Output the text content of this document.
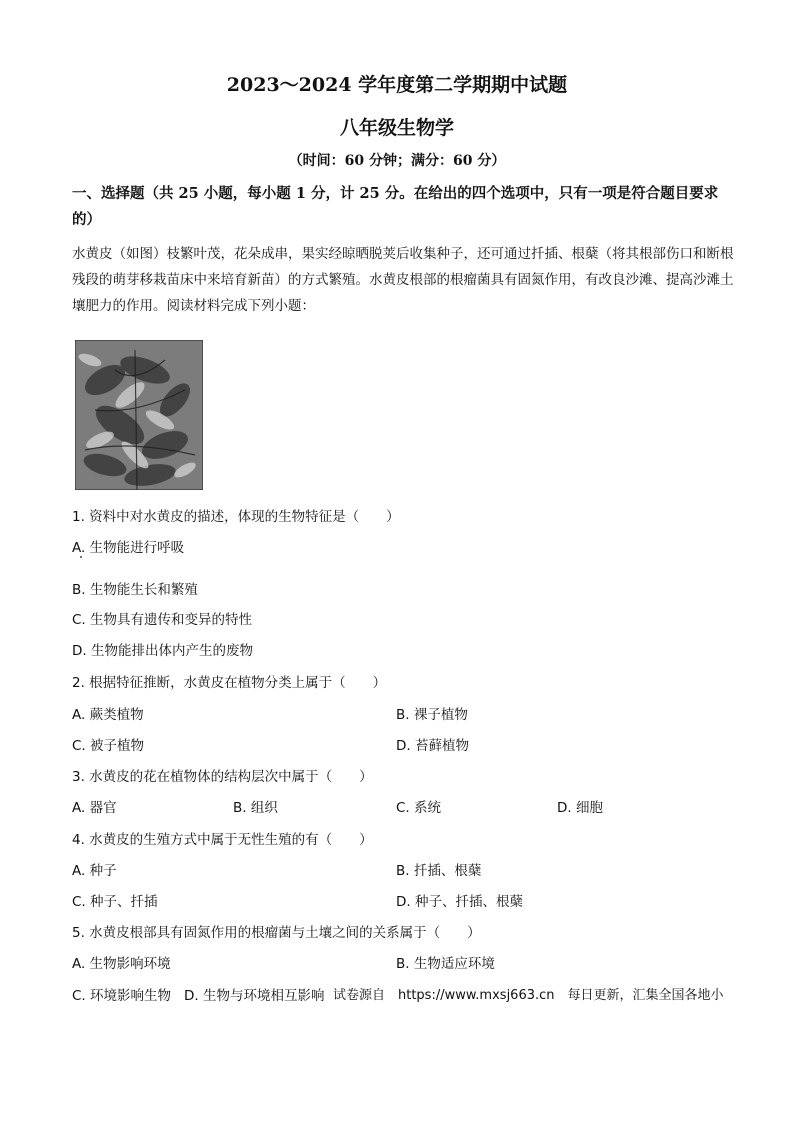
2023～2024 学年度第二学期期中试题
八年级生物学
（时间：60 分钟；满分：60 分）
一、选择题（共 25 小题，每小题 1 分，计 25 分。在给出的四个选项中，只有一项是符合题目要求的）
水黄皮（如图）枝繁叶茂，花朵成串，果实经晾晒脱荚后收集种子，还可通过扦插、根蘖（将其根部伤口和断根残段的萌芽移栽苗床中来培育新苗）的方式繁殖。水黄皮根部的根瘤菌具有固氮作用，有改良沙滩、提高沙滩土壤肥力的作用。阅读材料完成下列小题：
1. 资料中对水黄皮的描述，体现的生物特征是（　　）
A. 生物能进行呼吸
B. 生物能生长和繁殖
C. 生物具有遗传和变异的特性
D. 生物能排出体内产生的废物
2. 根据特征推断，水黄皮在植物分类上属于（　　）
A. 蕨类植物	B. 裸子植物
C. 被子植物	D. 苔藓植物
3. 水黄皮的花在植物体的结构层次中属于（　　）
A. 器官	B. 组织	C. 系统	D. 细胞
4. 水黄皮的生殖方式中属于无性生殖的有（　　）
A. 种子	B. 扦插、根蘖
C. 种子、扦插	D. 种子、扦插、根蘖
5. 水黄皮根部具有固氮作用的根瘤菌与土壤之间的关系属于（　　）
A. 生物影响环境	B. 生物适应环境
C. 环境影响生物 D. 生物与环境相互影响 试卷源自　https://www.mxsj663.cn　每日更新，汇集全国各地小
